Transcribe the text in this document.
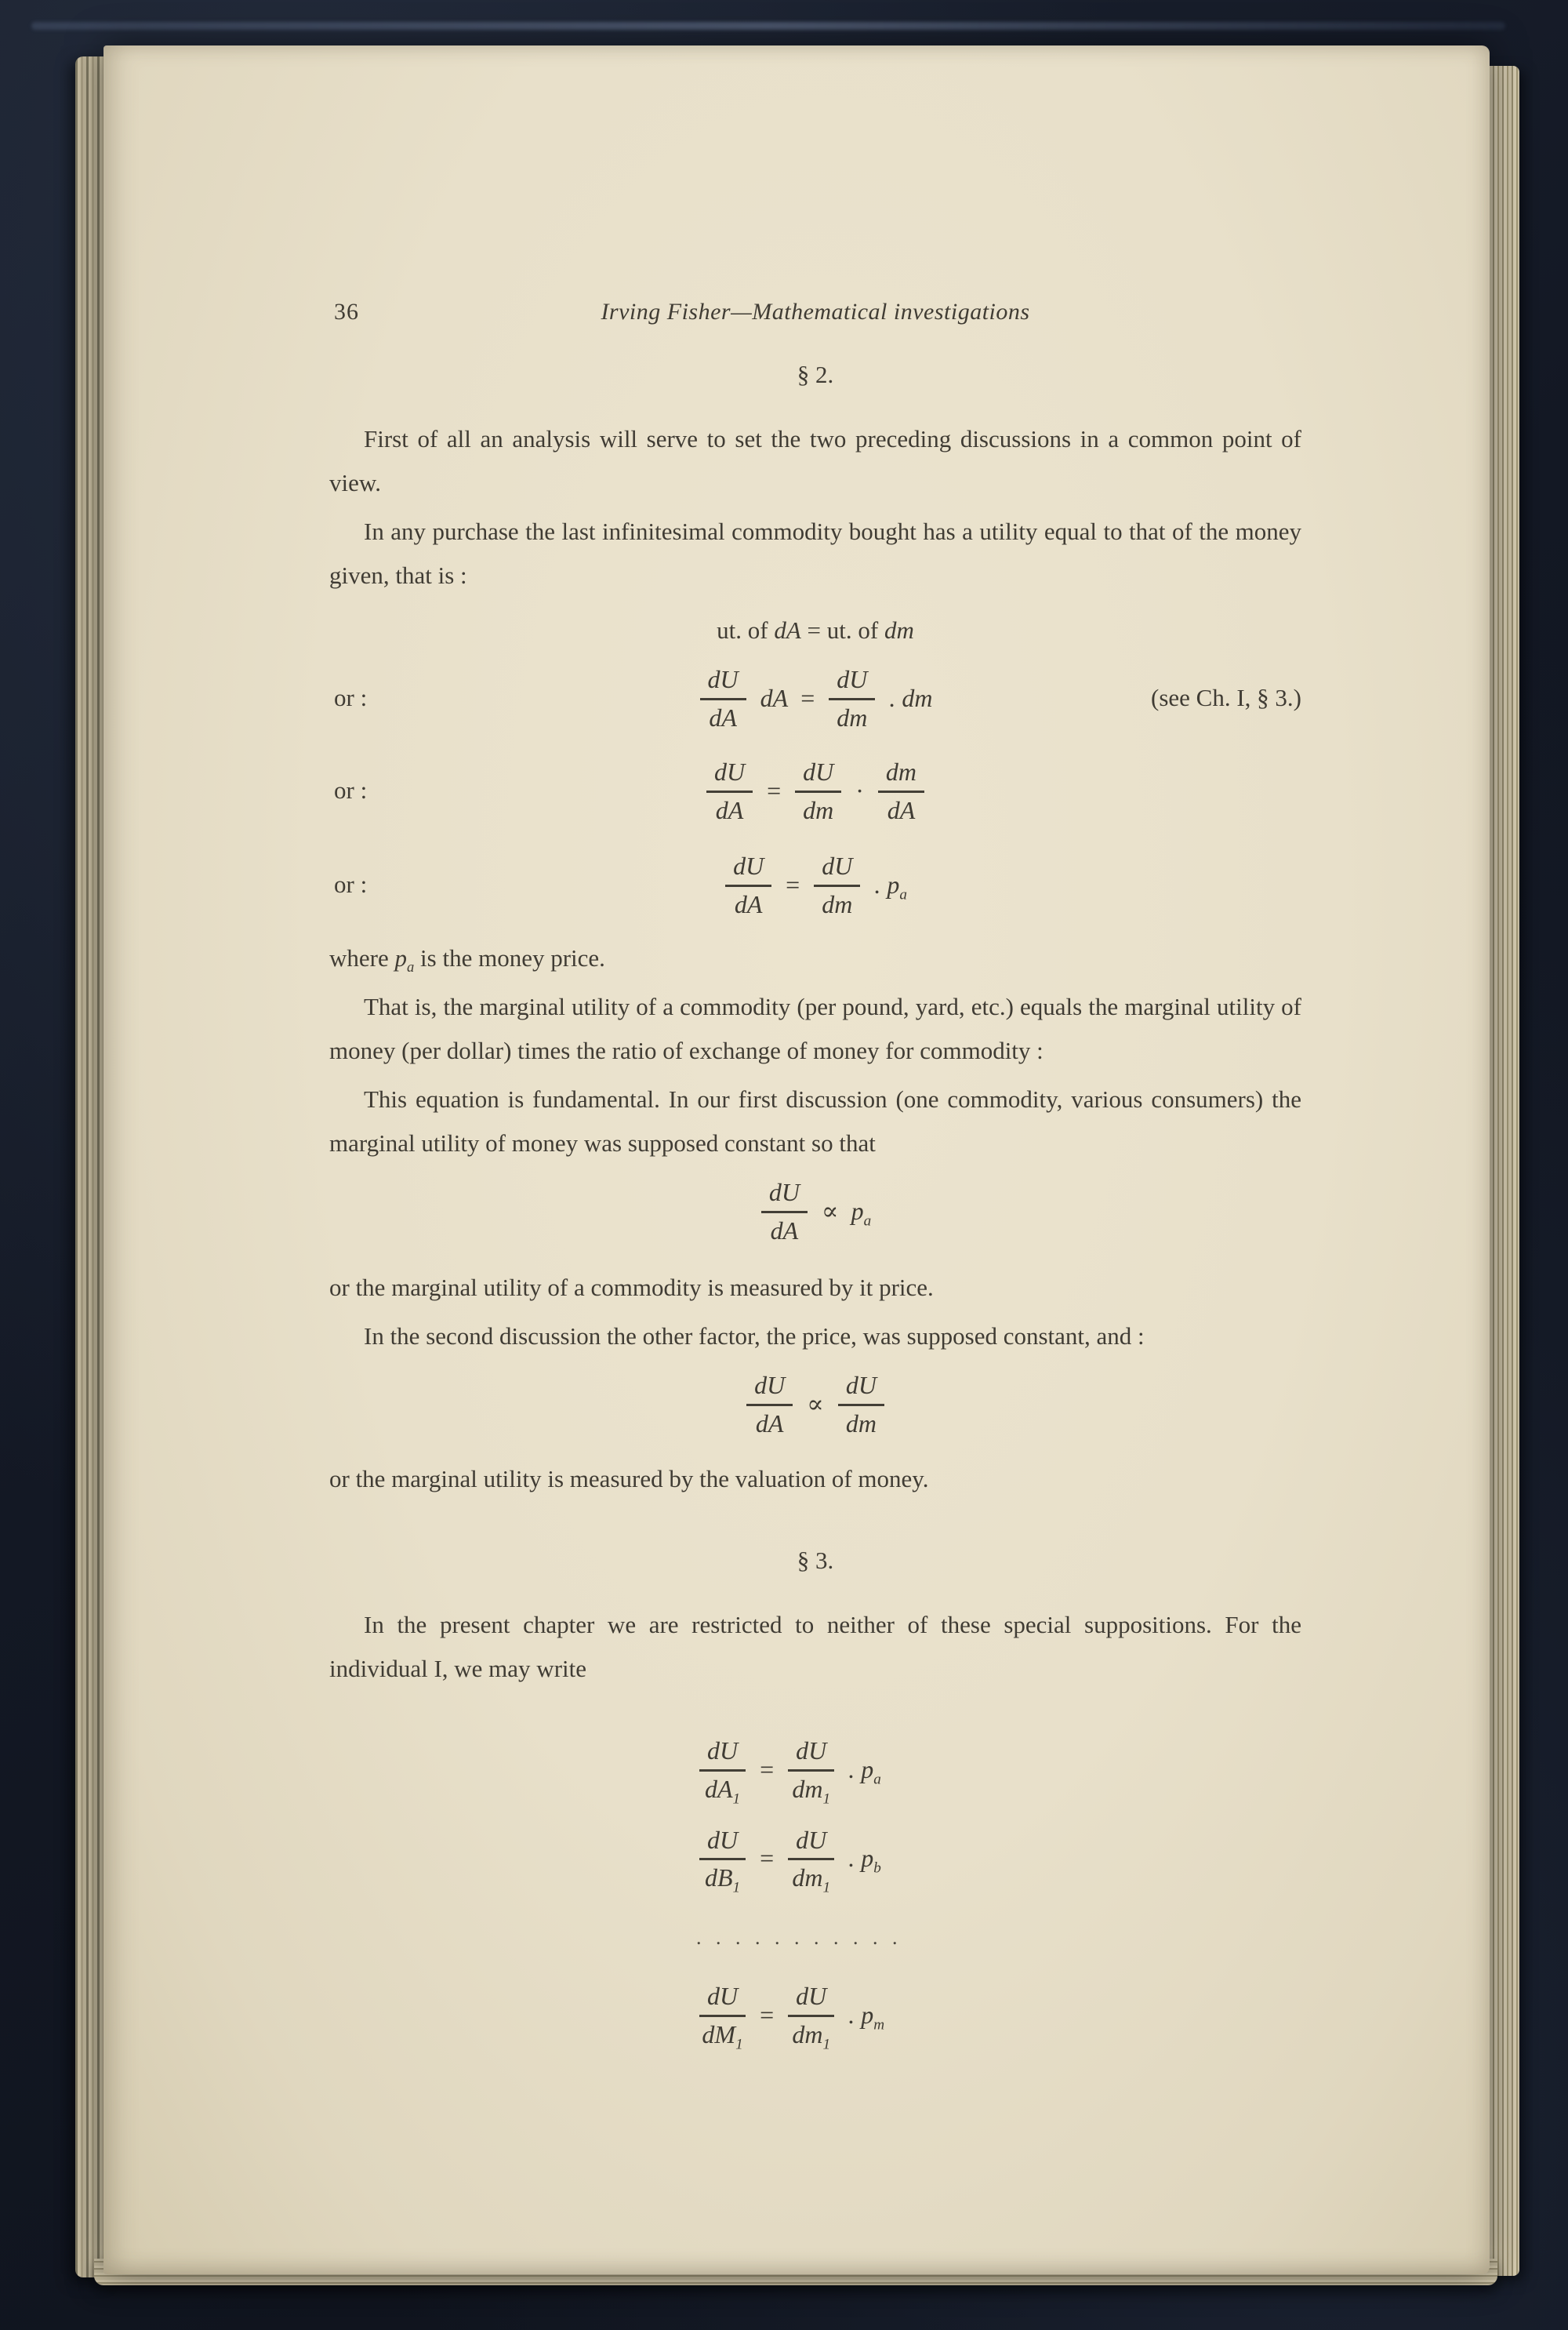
36	Irving Fisher—Mathematical investigations
§ 2.

First of all an analysis will serve to set the two preceding discussions in a common point of view.

In any purchase the last infinitesimal commodity bought has a utility equal to that of the money given, that is :

ut. of dA = ut. of dm
or :	$\frac{dU}{dA}$ dA = $\frac{dU}{dm}$ . dm	(see Ch. I, § 3.)
or :	$\frac{dU}{dA} = \frac{dU}{dm} \cdot \frac{dm}{dA}$
or :	$\frac{dU}{dA} = \frac{dU}{dm}$ . $p_a$

where $p_a$ is the money price.

That is, the marginal utility of a commodity (per pound, yard, etc.) equals the marginal utility of money (per dollar) times the ratio of exchange of money for commodity :

This equation is fundamental. In our first discussion (one commodity, various consumers) the marginal utility of money was supposed constant so that

$\frac{dU}{dA} \propto p_a$

or the marginal utility of a commodity is measured by it price.

In the second discussion the other factor, the price, was supposed constant, and :

$\frac{dU}{dA} \propto \frac{dU}{dm}$

or the marginal utility is measured by the valuation of money.

§ 3.

In the present chapter we are restricted to neither of these special suppositions. For the individual I, we may write

$\frac{dU}{dA_1} = \frac{dU}{dm_1}$ . $p_a$
$\frac{dU}{dB_1} = \frac{dU}{dm_1}$ . $p_b$
. . . . . . . . . . .
$\frac{dU}{dM_1} = \frac{dU}{dm_1}$ . $p_m$
